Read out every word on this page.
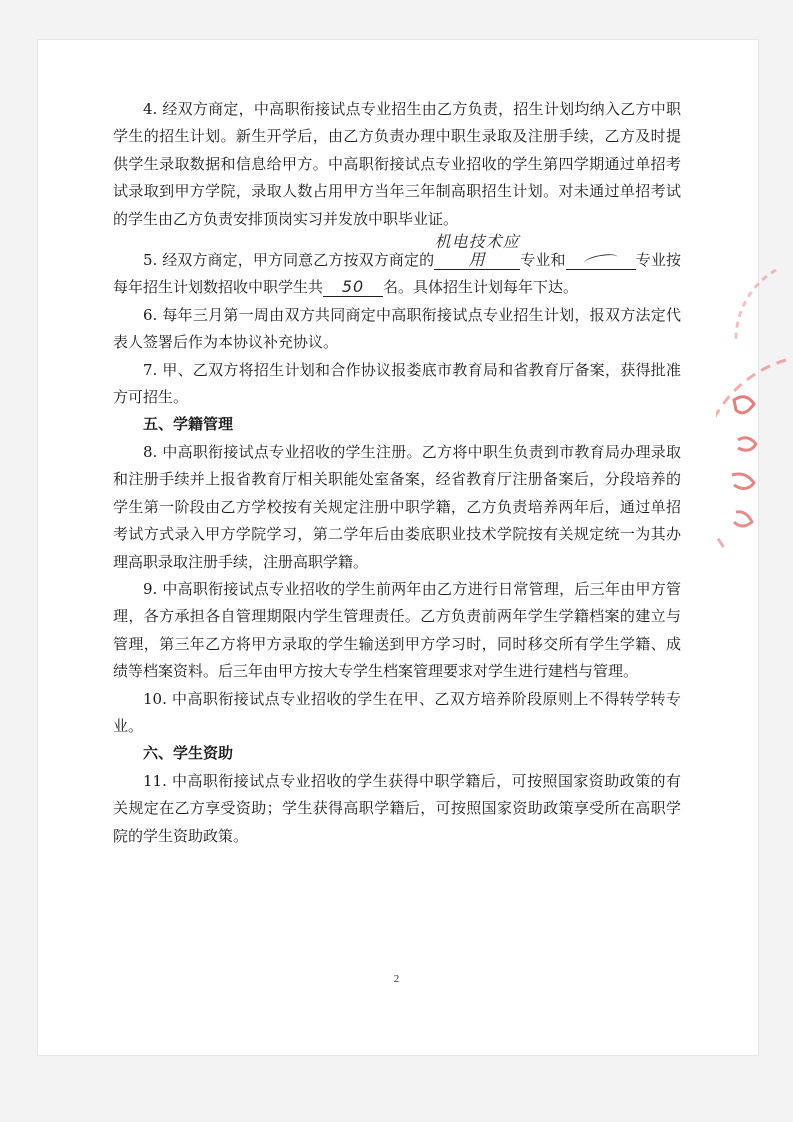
4. 经双方商定，中高职衔接试点专业招生由乙方负责，招生计划均纳入乙方中职学生的招生计划。新生开学后，由乙方负责办理中职生录取及注册手续，乙方及时提供学生录取数据和信息给甲方。中高职衔接试点专业招收的学生第四学期通过单招考试录取到甲方学院，录取人数占用甲方当年三年制高职招生计划。对未通过单招考试的学生由乙方负责安排顶岗实习并发放中职毕业证。

5. 经双方商定，甲方同意乙方按双方商定的机电技术应用 专业和	专业按每年招生计划数招收中职学生共 50 名。具体招生计划每年下达。

6. 每年三月第一周由双方共同商定中高职衔接试点专业招生计划，报双方法定代表人签署后作为本协议补充协议。

7. 甲、乙双方将招生计划和合作协议报娄底市教育局和省教育厅备案，获得批准方可招生。

五、学籍管理

8. 中高职衔接试点专业招收的学生注册。乙方将中职生负责到市教育局办理录取和注册手续并上报省教育厅相关职能处室备案，经省教育厅注册备案后，分段培养的学生第一阶段由乙方学校按有关规定注册中职学籍，乙方负责培养两年后，通过单招考试方式录入甲方学院学习，第二学年后由娄底职业技术学院按有关规定统一为其办理高职录取注册手续，注册高职学籍。

9. 中高职衔接试点专业招收的学生前两年由乙方进行日常管理，后三年由甲方管理，各方承担各自管理期限内学生管理责任。乙方负责前两年学生学籍档案的建立与管理，第三年乙方将甲方录取的学生输送到甲方学习时，同时移交所有学生学籍、成绩等档案资料。后三年由甲方按大专学生档案管理要求对学生进行建档与管理。

10. 中高职衔接试点专业招收的学生在甲、乙双方培养阶段原则上不得转学转专业。

六、学生资助

11. 中高职衔接试点专业招收的学生获得中职学籍后，可按照国家资助政策的有关规定在乙方享受资助；学生获得高职学籍后，可按照国家资助政策享受所在高职学院的学生资助政策。

2
